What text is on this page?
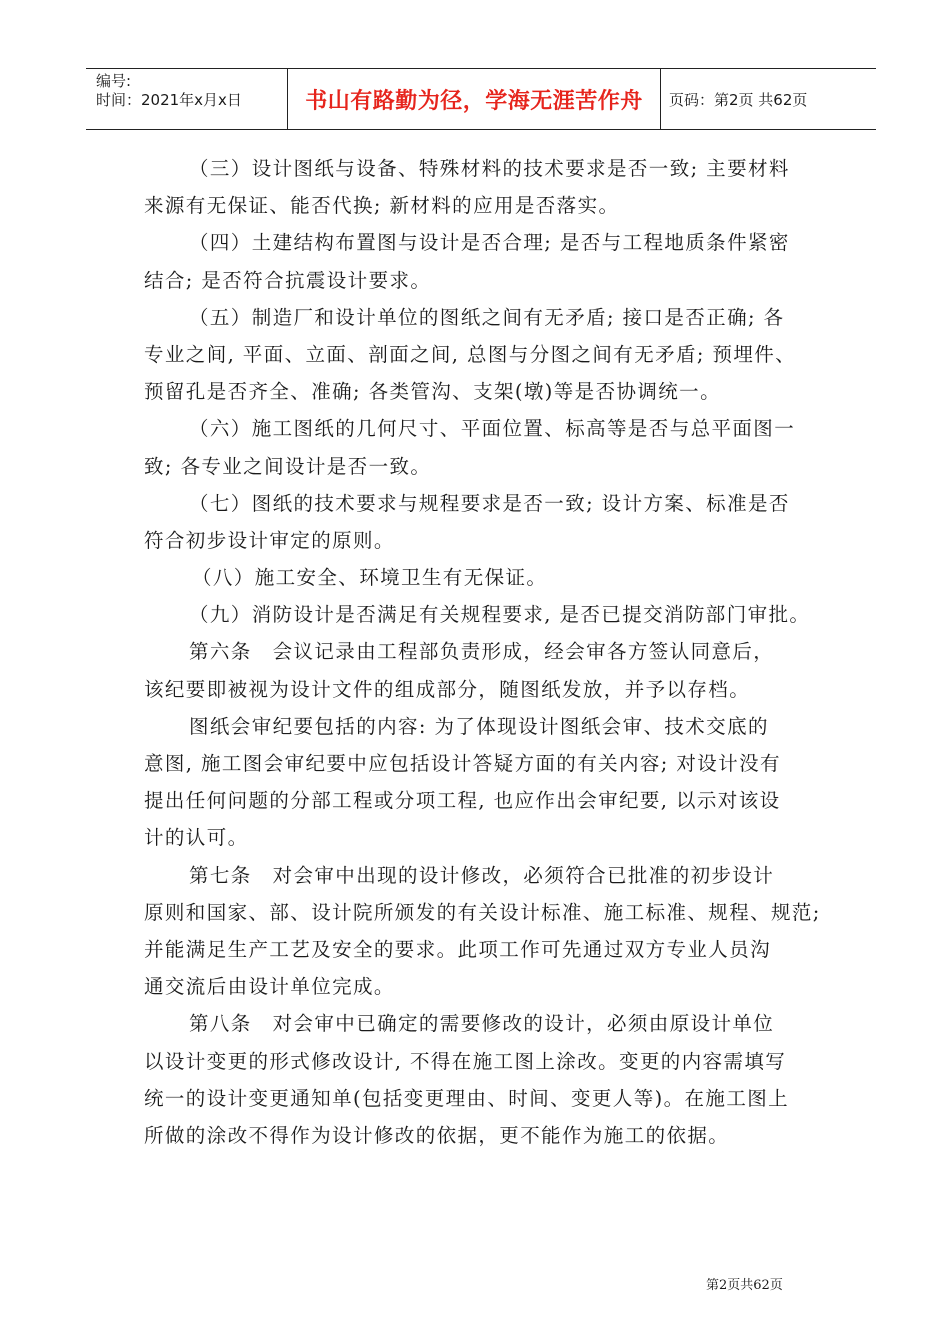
编号:
时间：2021年x月x日	书山有路勤为径，学海无涯苦作舟	页码：第2页 共62页
（三）设计图纸与设备、特殊材料的技术要求是否一致; 主要材料
来源有无保证、能否代换; 新材料的应用是否落实。
（四）土建结构布置图与设计是否合理; 是否与工程地质条件紧密
结合; 是否符合抗震设计要求。
（五）制造厂和设计单位的图纸之间有无矛盾; 接口是否正确; 各
专业之间, 平面、立面、剖面之间, 总图与分图之间有无矛盾; 预埋件、
预留孔是否齐全、准确; 各类管沟、支架(墩)等是否协调统一。
（六）施工图纸的几何尺寸、平面位置、标高等是否与总平面图一
致; 各专业之间设计是否一致。
（七）图纸的技术要求与规程要求是否一致; 设计方案、标准是否
符合初步设计审定的原则。
（八）施工安全、环境卫生有无保证。
（九）消防设计是否满足有关规程要求, 是否已提交消防部门审批。
第六条　会议记录由工程部负责形成，经会审各方签认同意后，
该纪要即被视为设计文件的组成部分，随图纸发放，并予以存档。
图纸会审纪要包括的内容: 为了体现设计图纸会审、技术交底的
意图, 施工图会审纪要中应包括设计答疑方面的有关内容; 对设计没有
提出任何问题的分部工程或分项工程, 也应作出会审纪要, 以示对该设
计的认可。
第七条　对会审中出现的设计修改，必须符合已批准的初步设计
原则和国家、部、设计院所颁发的有关设计标准、施工标准、规程、规范;
并能满足生产工艺及安全的要求。此项工作可先通过双方专业人员沟
通交流后由设计单位完成。
第八条　对会审中已确定的需要修改的设计，必须由原设计单位
以设计变更的形式修改设计, 不得在施工图上涂改。变更的内容需填写
统一的设计变更通知单(包括变更理由、时间、变更人等)。在施工图上
所做的涂改不得作为设计修改的依据，更不能作为施工的依据。
第2页共62页
